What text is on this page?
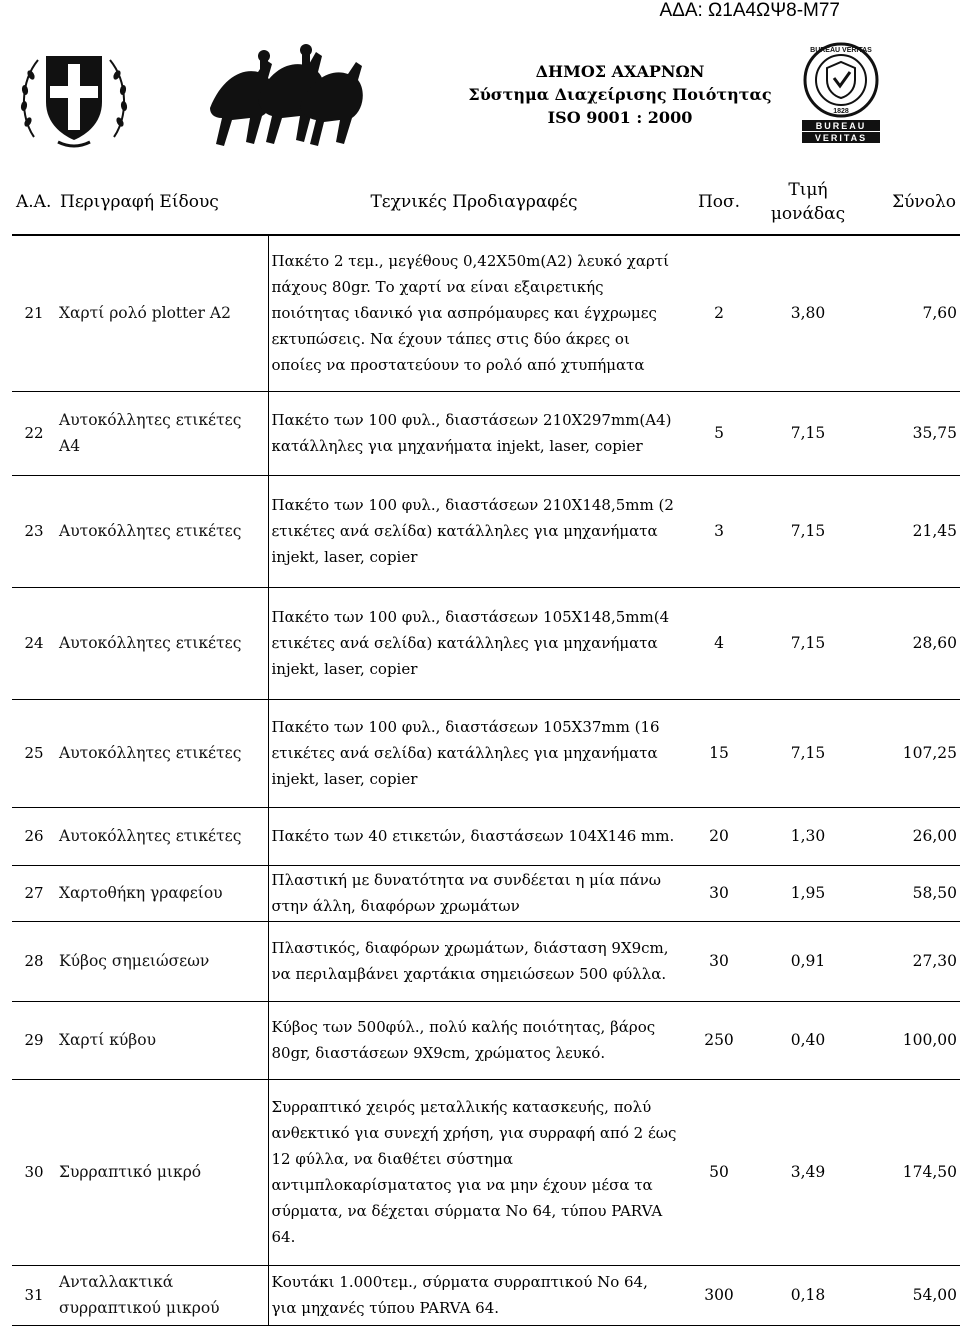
ΑΔΑ: Ω1Α4ΩΨ8-Μ77
ΔΗΜΟΣ ΑΧΑΡΝΩΝ
Σύστημα Διαχείρισης Ποιότητας
ISO 9001 : 2000
BUREAU VERITAS
1828
BUREAU
VERITAS
Α.Α.	Περιγραφή Είδους	Τεχνικές Προδιαγραφές	Ποσ.	Τιμή
μονάδας	Σύνολο
21	Χαρτί ρολό plotter A2	Πακέτο 2 τεμ., μεγέθους 0,42Χ50m(A2) λευκό χαρτί πάχους 80gr. Το χαρτί να είναι εξαιρετικής ποιότητας ιδανικό για ασπρόμαυρες και έγχρωμες εκτυπώσεις. Να έχουν τάπες στις δύο άκρες οι οποίες να προστατεύουν το ρολό από χτυπήματα	2	3,80	7,60
22	Αυτοκόλλητες ετικέτες Α4	Πακέτο των 100 φυλ., διαστάσεων 210Χ297mm(A4) κατάλληλες για μηχανήματα injekt, laser, copier	5	7,15	35,75
23	Αυτοκόλλητες ετικέτες	Πακέτο των 100 φυλ., διαστάσεων 210Χ148,5mm (2 ετικέτες ανά σελίδα) κατάλληλες για μηχανήματα injekt, laser, copier	3	7,15	21,45
24	Αυτοκόλλητες ετικέτες	Πακέτο των 100 φυλ., διαστάσεων 105Χ148,5mm(4 ετικέτες ανά σελίδα) κατάλληλες για μηχανήματα injekt, laser, copier	4	7,15	28,60
25	Αυτοκόλλητες ετικέτες	Πακέτο των 100 φυλ., διαστάσεων 105Χ37mm (16 ετικέτες ανά σελίδα) κατάλληλες για μηχανήματα injekt, laser, copier	15	7,15	107,25
26	Αυτοκόλλητες ετικέτες	Πακέτο των 40 ετικετών, διαστάσεων 104Χ146 mm.	20	1,30	26,00
27	Χαρτοθήκη γραφείου	Πλαστική με δυνατότητα να συνδέεται η μία πάνω στην άλλη, διαφόρων χρωμάτων	30	1,95	58,50
28	Κύβος σημειώσεων	Πλαστικός, διαφόρων χρωμάτων, διάσταση 9Χ9cm, να περιλαμβάνει χαρτάκια σημειώσεων 500 φύλλα.	30	0,91	27,30
29	Χαρτί κύβου	Κύβος των 500φύλ., πολύ καλής ποιότητας, βάρος 80gr, διαστάσεων 9Χ9cm, χρώματος λευκό.	250	0,40	100,00
30	Συρραπτικό μικρό	Συρραπτικό χειρός μεταλλικής κατασκευής, πολύ ανθεκτικό για συνεχή χρήση, για συρραφή από 2 έως 12 φύλλα, να διαθέτει σύστημα αντιμπλοκαρίσματατος για να μην έχουν μέσα τα σύρματα, να δέχεται σύρματα Νο 64, τύπου PARVA 64.	50	3,49	174,50
31	Ανταλλακτικά συρραπτικού μικρού	Κουτάκι 1.000τεμ., σύρματα συρραπτικού Νο 64, για μηχανές τύπου PARVA 64.	300	0,18	54,00
